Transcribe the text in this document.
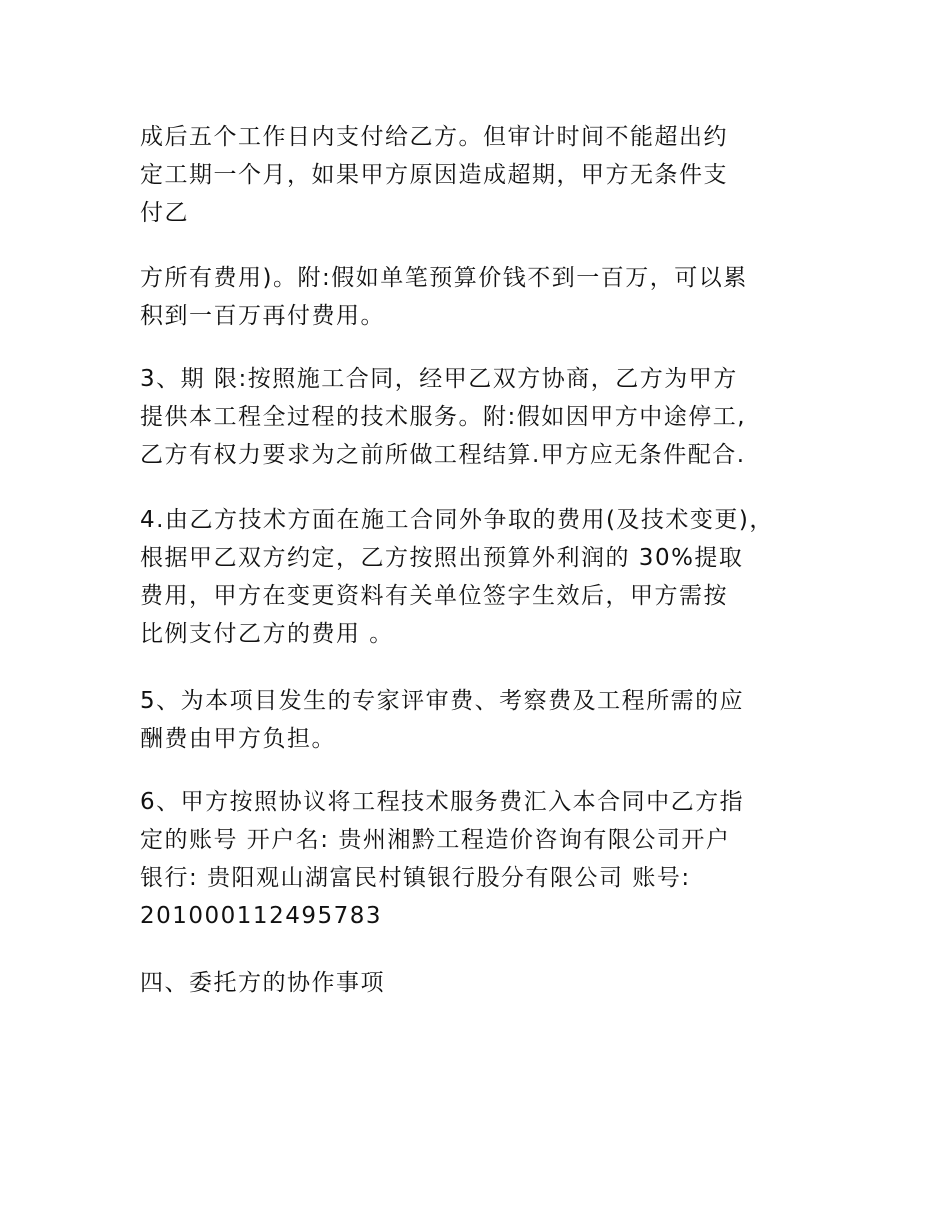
成后五个工作日内支付给乙方。但审计时间不能超出约
定工期一个月，如果甲方原因造成超期，甲方无条件支
付乙
方所有费用)。附:假如单笔预算价钱不到一百万，可以累
积到一百万再付费用。
3、期 限:按照施工合同，经甲乙双方协商，乙方为甲方
提供本工程全过程的技术服务。附:假如因甲方中途停工,
乙方有权力要求为之前所做工程结算.甲方应无条件配合.
4.由乙方技术方面在施工合同外争取的费用(及技术变更)，
根据甲乙双方约定，乙方按照出预算外利润的 30%提取
费用，甲方在变更资料有关单位签字生效后，甲方需按
比例支付乙方的费用 。
5、为本项目发生的专家评审费、考察费及工程所需的应
酬费由甲方负担。
6、甲方按照协议将工程技术服务费汇入本合同中乙方指
定的账号 开户名: 贵州湘黔工程造价咨询有限公司开户
银行: 贵阳观山湖富民村镇银行股分有限公司 账号:
201000112495783
四、委托方的协作事项
